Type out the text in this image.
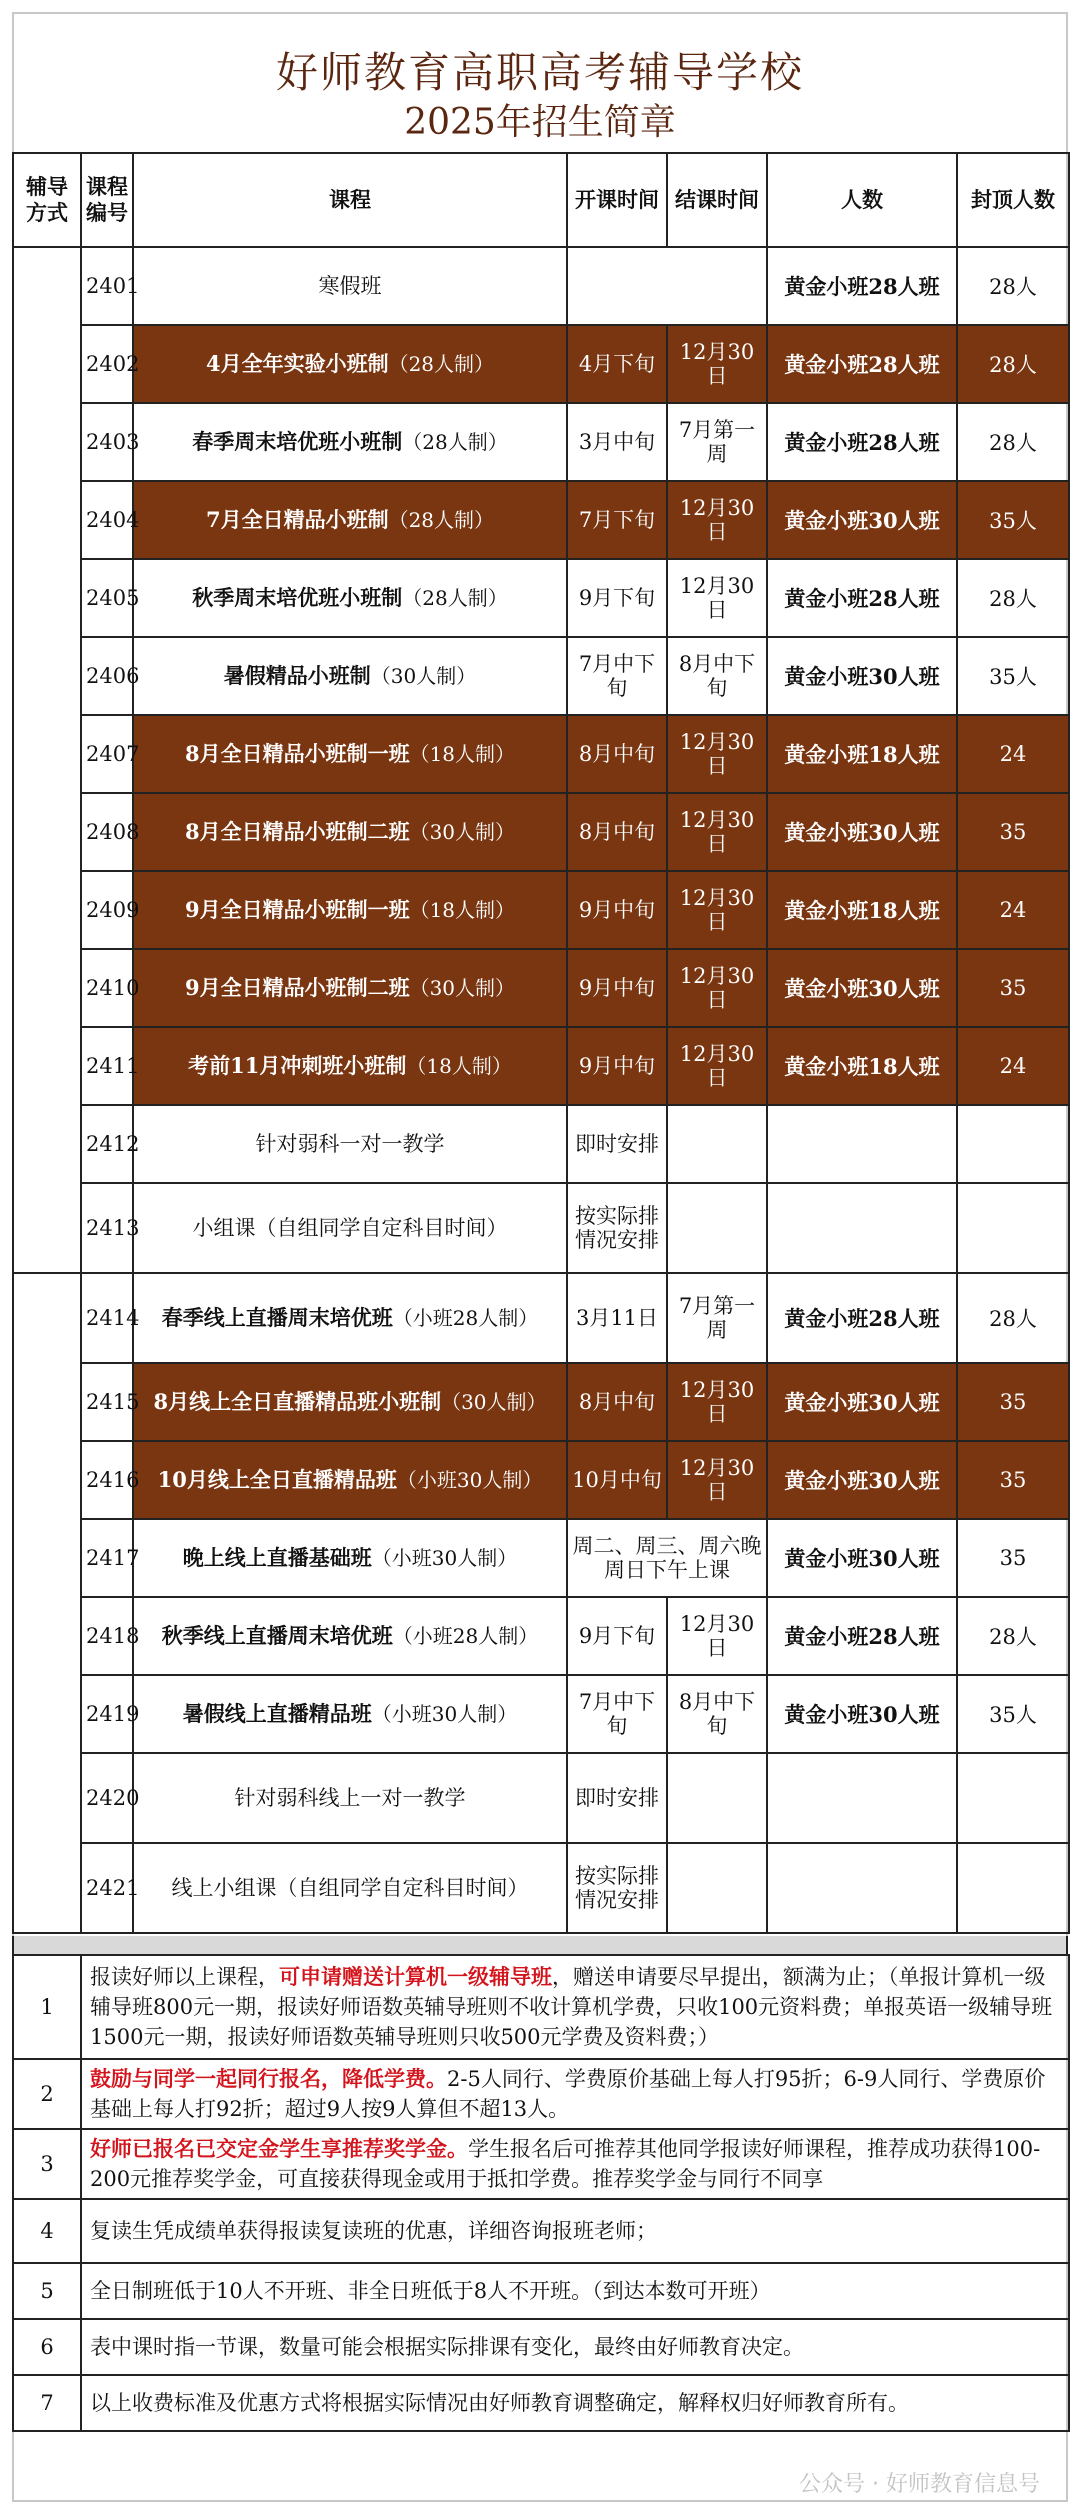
好师教育高职高考辅导学校
2025年招生简章
辅导方式	课程编号	课程	开课时间	结课时间	人数	封顶人数
	2401	寒假班			黄金小班28人班	28人
	2402	4月全年实验小班制（28人制）	4月下旬	12月30日	黄金小班28人班	28人
	2403	春季周末培优班小班制（28人制）	3月中旬	7月第一周	黄金小班28人班	28人
	2404	7月全日精品小班制（28人制）	7月下旬	12月30日	黄金小班30人班	35人
	2405	秋季周末培优班小班制（28人制）	9月下旬	12月30日	黄金小班28人班	28人
	2406	暑假精品小班制（30人制）	7月中下旬	8月中下旬	黄金小班30人班	35人
	2407	8月全日精品小班制一班（18人制）	8月中旬	12月30日	黄金小班18人班	24
	2408	8月全日精品小班制二班（30人制）	8月中旬	12月30日	黄金小班30人班	35
	2409	9月全日精品小班制一班（18人制）	9月中旬	12月30日	黄金小班18人班	24
	2410	9月全日精品小班制二班（30人制）	9月中旬	12月30日	黄金小班30人班	35
	2411	考前11月冲刺班小班制（18人制）	9月中旬	12月30日	黄金小班18人班	24
	2412	针对弱科一对一教学	即时安排			
	2413	小组课（自组同学自定科目时间）	按实际排情况安排			
	2414	春季线上直播周末培优班（小班28人制）	3月11日	7月第一周	黄金小班28人班	28人
	2415	8月线上全日直播精品班小班制（30人制）	8月中旬	12月30日	黄金小班30人班	35
	2416	10月线上全日直播精品班（小班30人制）	10月中旬	12月30日	黄金小班30人班	35
	2417	晚上线上直播基础班（小班30人制）	周二、周三、周六晚周日下午上课		黄金小班30人班	35
	2418	秋季线上直播周末培优班（小班28人制）	9月下旬	12月30日	黄金小班28人班	28人
	2419	暑假线上直播精品班（小班30人制）	7月中下旬	8月中下旬	黄金小班30人班	35人
	2420	针对弱科线上一对一教学	即时安排			
	2421	线上小组课（自组同学自定科目时间）	按实际排情况安排			
1	报读好师以上课程，可申请赠送计算机一级辅导班，赠送申请要尽早提出，额满为止；（单报计算机一级辅导班800元一期，报读好师语数英辅导班则不收计算机学费，只收100元资料费；单报英语一级辅导班1500元一期，报读好师语数英辅导班则只收500元学费及资料费；）
2	鼓励与同学一起同行报名，降低学费。2-5人同行、学费原价基础上每人打95折；6-9人同行、学费原价基础上每人打92折；超过9人按9人算但不超13人。
3	好师已报名已交定金学生享推荐奖学金。学生报名后可推荐其他同学报读好师课程，推荐成功获得100-200元推荐奖学金，可直接获得现金或用于抵扣学费。推荐奖学金与同行不同享
4	复读生凭成绩单获得报读复读班的优惠，详细咨询报班老师；
5	全日制班低于10人不开班、非全日班低于8人不开班。（到达本数可开班）
6	表中课时指一节课，数量可能会根据实际排课有变化，最终由好师教育决定。
7	以上收费标准及优惠方式将根据实际情况由好师教育调整确定，解释权归好师教育所有。
公众号 · 好师教育信息号
